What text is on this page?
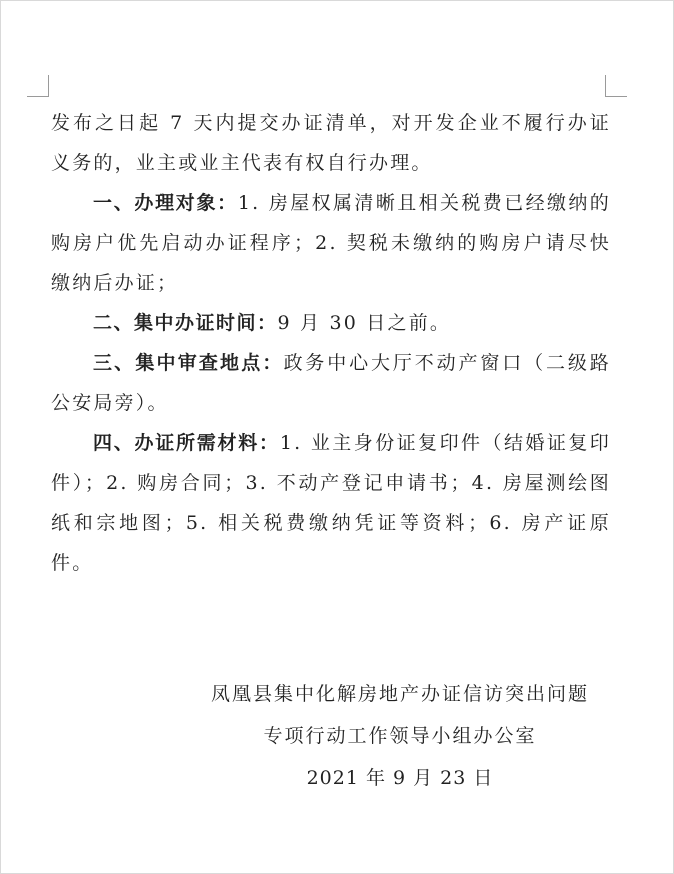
发布之日起 7 天内提交办证清单，对开发企业不履行办证义务的，业主或业主代表有权自行办理。

一、办理对象：1. 房屋权属清晰且相关税费已经缴纳的购房户优先启动办证程序；2. 契税未缴纳的购房户请尽快缴纳后办证；

二、集中办证时间：9 月 30 日之前。

三、集中审查地点：政务中心大厅不动产窗口（二级路公安局旁）。

四、办证所需材料：1. 业主身份证复印件（结婚证复印件）；2. 购房合同；3. 不动产登记申请书；4. 房屋测绘图纸和宗地图；5. 相关税费缴纳凭证等资料；6. 房产证原件。

凤凰县集中化解房地产办证信访突出问题
专项行动工作领导小组办公室
2021 年 9 月 23 日
